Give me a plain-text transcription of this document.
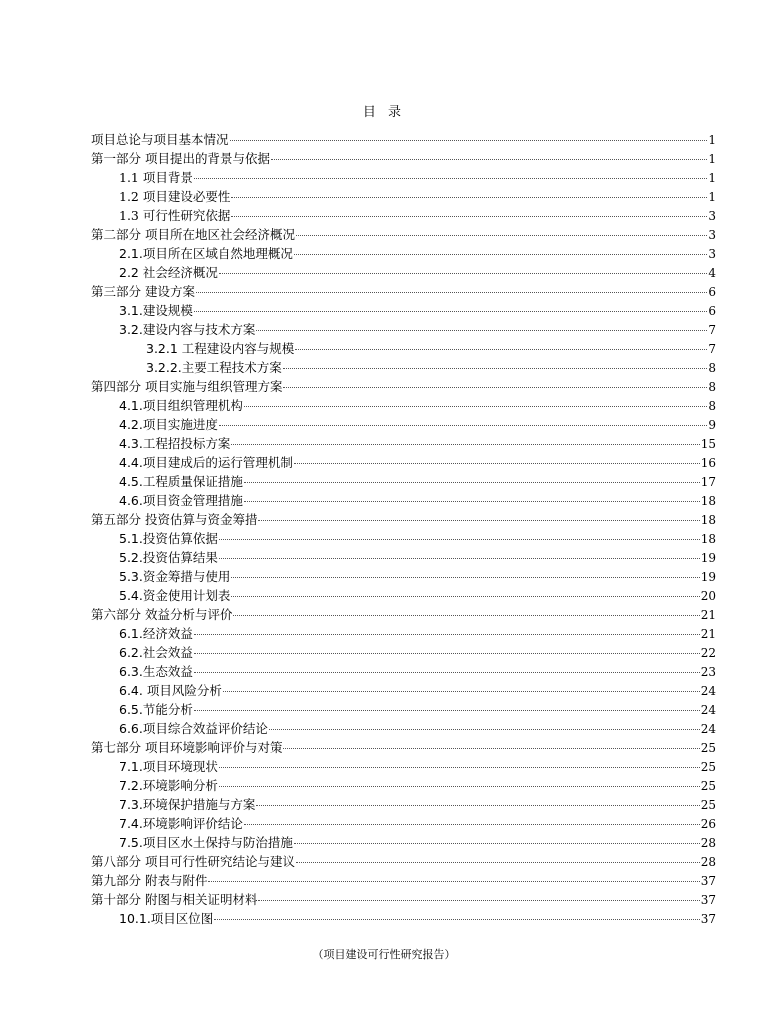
目 录
项目总论与项目基本情况	1
第一部分 项目提出的背景与依据	1
1.1 项目背景	1
1.2 项目建设必要性	1
1.3 可行性研究依据	3
第二部分 项目所在地区社会经济概况	3
2.1.项目所在区域自然地理概况	3
2.2 社会经济概况	4
第三部分 建设方案	6
3.1.建设规模	6
3.2.建设内容与技术方案	7
3.2.1 工程建设内容与规模	7
3.2.2.主要工程技术方案	8
第四部分 项目实施与组织管理方案	8
4.1.项目组织管理机构	8
4.2.项目实施进度	9
4.3.工程招投标方案	15
4.4.项目建成后的运行管理机制	16
4.5.工程质量保证措施	17
4.6.项目资金管理措施	18
第五部分 投资估算与资金筹措	18
5.1.投资估算依据	18
5.2.投资估算结果	19
5.3.资金筹措与使用	19
5.4.资金使用计划表	20
第六部分 效益分析与评价	21
6.1.经济效益	21
6.2.社会效益	22
6.3.生态效益	23
6.4. 项目风险分析	24
6.5.节能分析	24
6.6.项目综合效益评价结论	24
第七部分 项目环境影响评价与对策	25
7.1.项目环境现状	25
7.2.环境影响分析	25
7.3.环境保护措施与方案	25
7.4.环境影响评价结论	26
7.5.项目区水土保持与防治措施	28
第八部分 项目可行性研究结论与建议	28
第九部分 附表与附件	37
第十部分 附图与相关证明材料	37
10.1.项目区位图	37
（项目建设可行性研究报告）
